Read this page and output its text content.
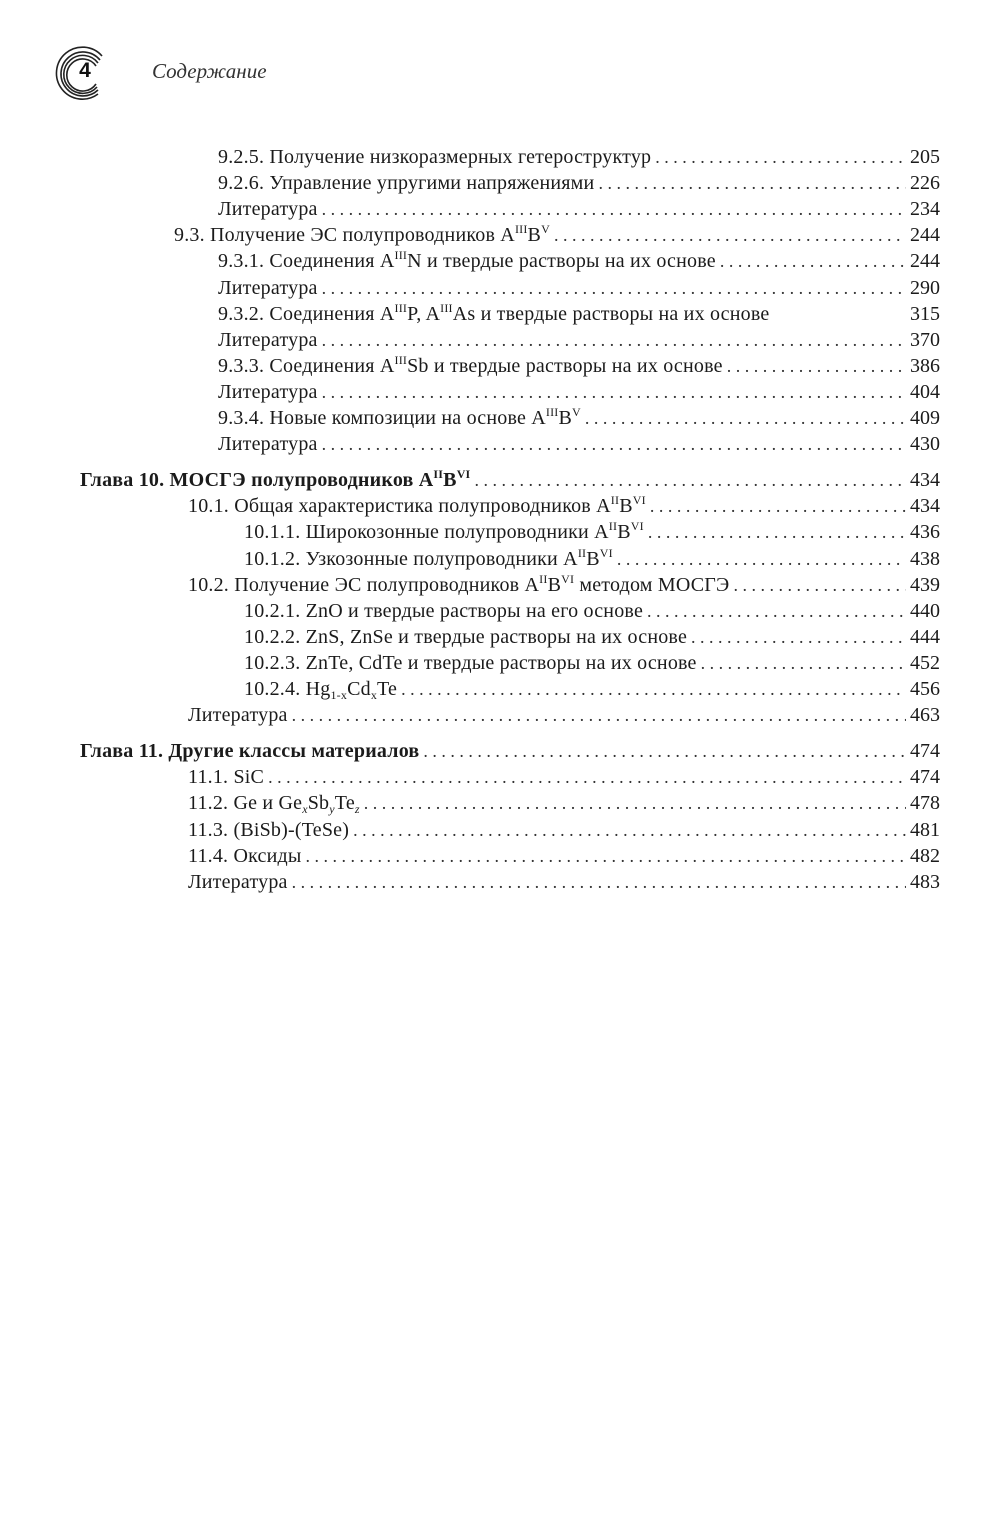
4	Содержание
9.2.5. Получение низкоразмерных гетероструктур . . .	205
9.2.6. Управление упругими напряжениями . . .	226
Литература . . .	234
9.3. Получение ЭС полупроводников $A^{III}B^V$ . . .	244
9.3.1. Соединения $A^{III}N$ и твердые растворы на их основе . . .	244
Литература . . .	290
9.3.2. Соединения $A^{III}P$, $A^{III}As$ и твердые растворы на их основе	315
Литература . . .	370
9.3.3. Соединения $A^{III}Sb$ и твердые растворы на их основе . . .	386
Литература . . .	404
9.3.4. Новые композиции на основе $A^{III}B^V$ . . .	409
Литература . . .	430
Глава 10. МОСГЭ полупроводников $A^{II}B^{VI}$ . . .	434
10.1. Общая характеристика полупроводников $A^{II}B^{VI}$ . . .	434
10.1.1. Широкозонные полупроводники $A^{II}B^{VI}$ . . .	436
10.1.2. Узкозонные полупроводники $A^{II}B^{VI}$ . . .	438
10.2. Получение ЭС полупроводников $A^{II}B^{VI}$ методом МОСГЭ . . .	439
10.2.1. ZnO и твердые растворы на его основе . . .	440
10.2.2. ZnS, ZnSe и твердые растворы на их основе . . .	444
10.2.3. ZnTe, CdTe и твердые растворы на их основе . . .	452
10.2.4. $Hg_{1-x}Cd_xTe$ . . .	456
Литература . . .	463
Глава 11. Другие классы материалов . . .	474
11.1. SiC . . .	474
11.2. Ge и $Ge_xSb_yTe_z$ . . .	478
11.3. (BiSb)-(TeSe) . . .	481
11.4. Оксиды . . .	482
Литература . . .	483
